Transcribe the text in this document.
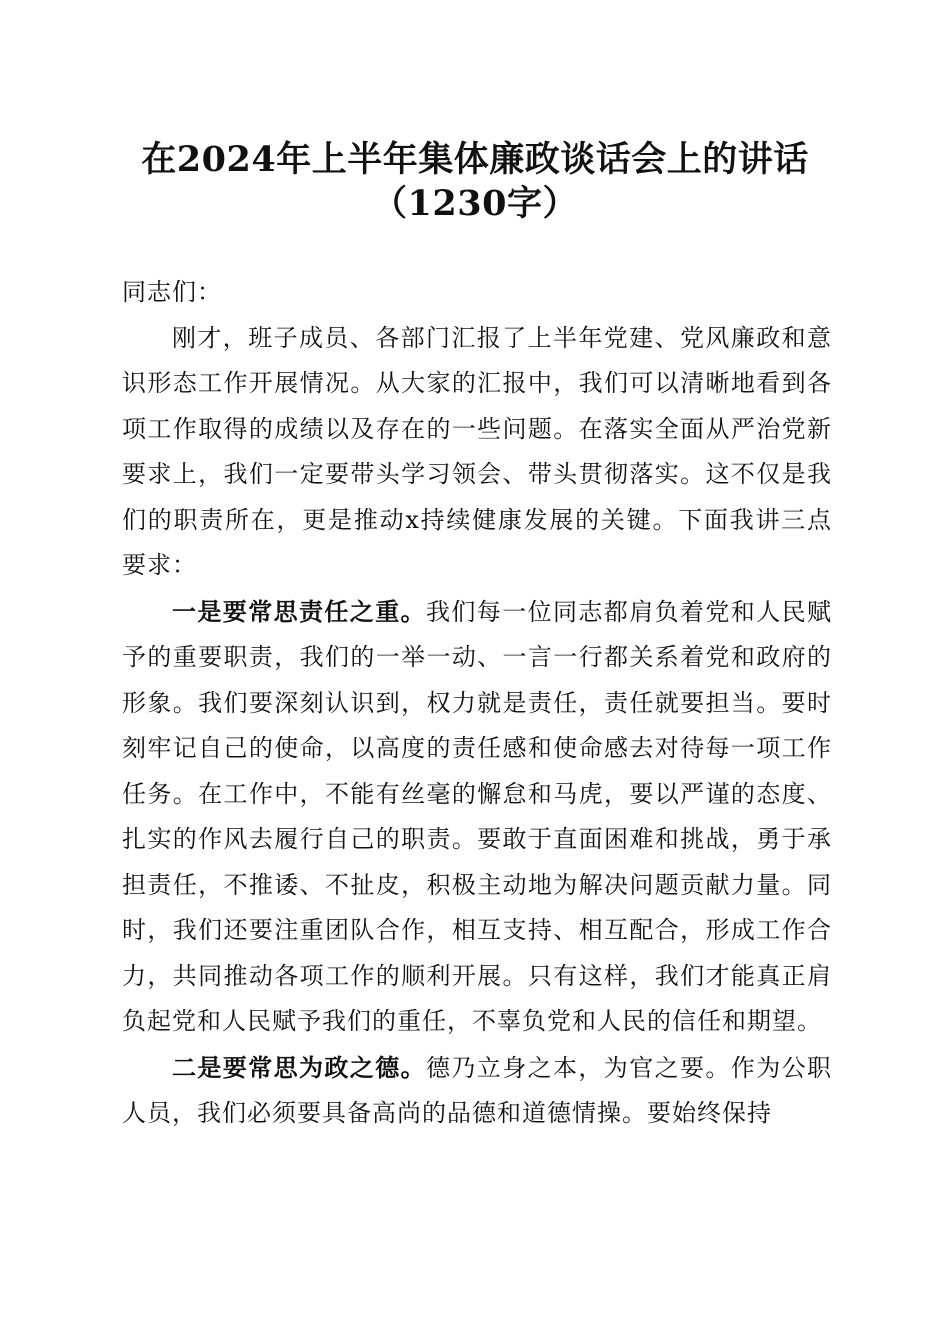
在2024年上半年集体廉政谈话会上的讲话
（1230字）

同志们：

刚才，班子成员、各部门汇报了上半年党建、党风廉政和意识形态工作开展情况。从大家的汇报中，我们可以清晰地看到各项工作取得的成绩以及存在的一些问题。在落实全面从严治党新要求上，我们一定要带头学习领会、带头贯彻落实。这不仅是我们的职责所在，更是推动x持续健康发展的关键。下面我讲三点要求：

一是要常思责任之重。我们每一位同志都肩负着党和人民赋予的重要职责，我们的一举一动、一言一行都关系着党和政府的形象。我们要深刻认识到，权力就是责任，责任就要担当。要时刻牢记自己的使命，以高度的责任感和使命感去对待每一项工作任务。在工作中，不能有丝毫的懈怠和马虎，要以严谨的态度、扎实的作风去履行自己的职责。要敢于直面困难和挑战，勇于承担责任，不推诿、不扯皮，积极主动地为解决问题贡献力量。同时，我们还要注重团队合作，相互支持、相互配合，形成工作合力，共同推动各项工作的顺利开展。只有这样，我们才能真正肩负起党和人民赋予我们的重任，不辜负党和人民的信任和期望。

二是要常思为政之德。德乃立身之本，为官之要。作为公职人员，我们必须要具备高尚的品德和道德情操。要始终保持
